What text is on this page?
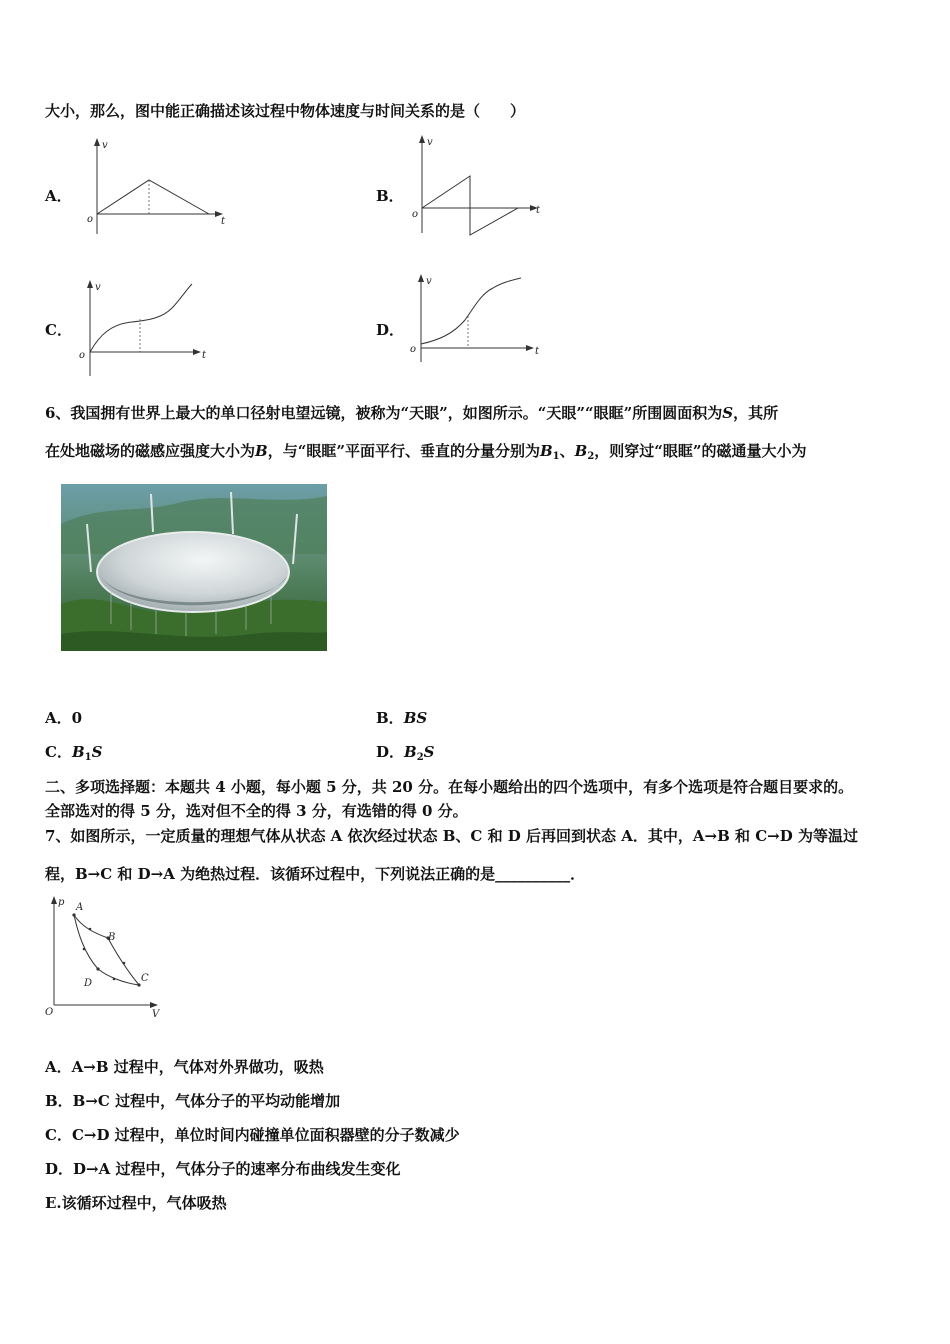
大小，那么，图中能正确描述该过程中物体速度与时间关系的是（　　）
A．	B．
C．	D．
v
t
o
v
t
o
v
t
o
v
t
o
6、我国拥有世界上最大的单口径射电望远镜，被称为“天眼”，如图所示。“天眼”“眼眶”所围圆面积为S，其所
在处地磁场的磁感应强度大小为B，与“眼眶”平面平行、垂直的分量分别为$B_1$、$B_2$，则穿过“眼眶”的磁通量大小为
A．0	B．BS
C．$B_1S$	D．$B_2S$
二、多项选择题：本题共 4 小题，每小题 5 分，共 20 分。在每小题给出的四个选项中，有多个选项是符合题目要求的。
全部选对的得 5 分，选对但不全的得 3 分，有选错的得 0 分。
7、如图所示，一定质量的理想气体从状态 A 依次经过状态 B、C 和 D 后再回到状态 A．其中，A→B 和 C→D 为等温过
程，B→C 和 D→A 为绝热过程．该循环过程中，下列说法正确的是__________．
p
V
O
A
B
C
D
A．A→B 过程中，气体对外界做功，吸热
B．B→C 过程中，气体分子的平均动能增加
C．C→D 过程中，单位时间内碰撞单位面积器壁的分子数减少
D．D→A 过程中，气体分子的速率分布曲线发生变化
E.该循环过程中，气体吸热
